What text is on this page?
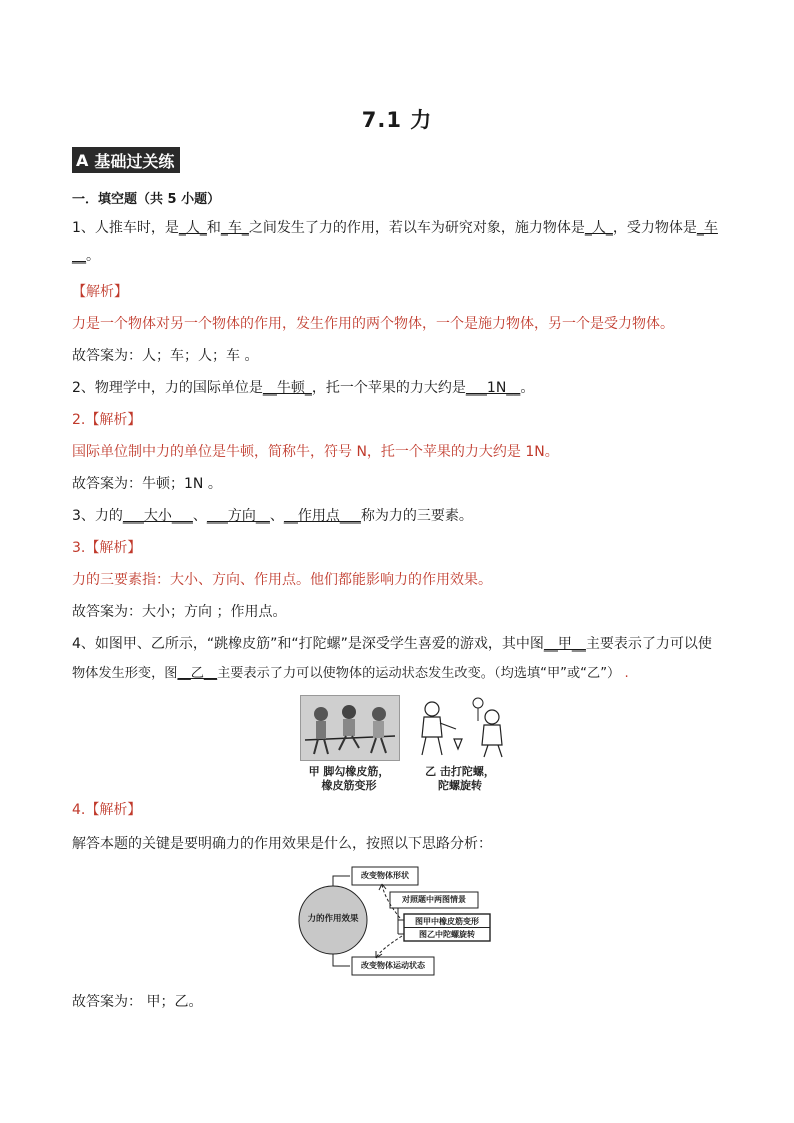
7.1 力
A 基础过关练
一．填空题（共 5 小题）
1、人推车时，是_人_和_车_之间发生了力的作用，若以车为研究对象，施力物体是_人_，受力物体是_车
__。
【解析】
力是一个物体对另一个物体的作用，发生作用的两个物体，一个是施力物体，另一个是受力物体。
故答案为：人；车；人；车 。
2、物理学中，力的国际单位是__牛顿_，托一个苹果的力大约是___1N__。
2.【解析】
国际单位制中力的单位是牛顿，简称牛，符号 N，托一个苹果的力大约是 1N。
故答案为：牛顿；1N 。
3、力的___大小___、___方向__、__作用点___称为力的三要素。
3.【解析】
力的三要素指：大小、方向、作用点。他们都能影响力的作用效果。
故答案为：大小；方向 ；作用点。
4、如图甲、乙所示，“跳橡皮筋”和“打陀螺”是深受学生喜爱的游戏，其中图__甲__主要表示了力可以使
物体发生形变，图__乙__主要表示了力可以使物体的运动状态发生改变。（均选填“甲”或“乙”） .
甲 脚勾橡皮筋，
橡皮筋变形
乙 击打陀螺，
陀螺旋转
4.【解析】
解答本题的关键是要明确力的作用效果是什么，按照以下思路分析：
力的作用效果
改变物体形状
对照题中两图情景
图甲中橡皮筋变形
图乙中陀螺旋转
改变物体运动状态
故答案为： 甲；乙。
